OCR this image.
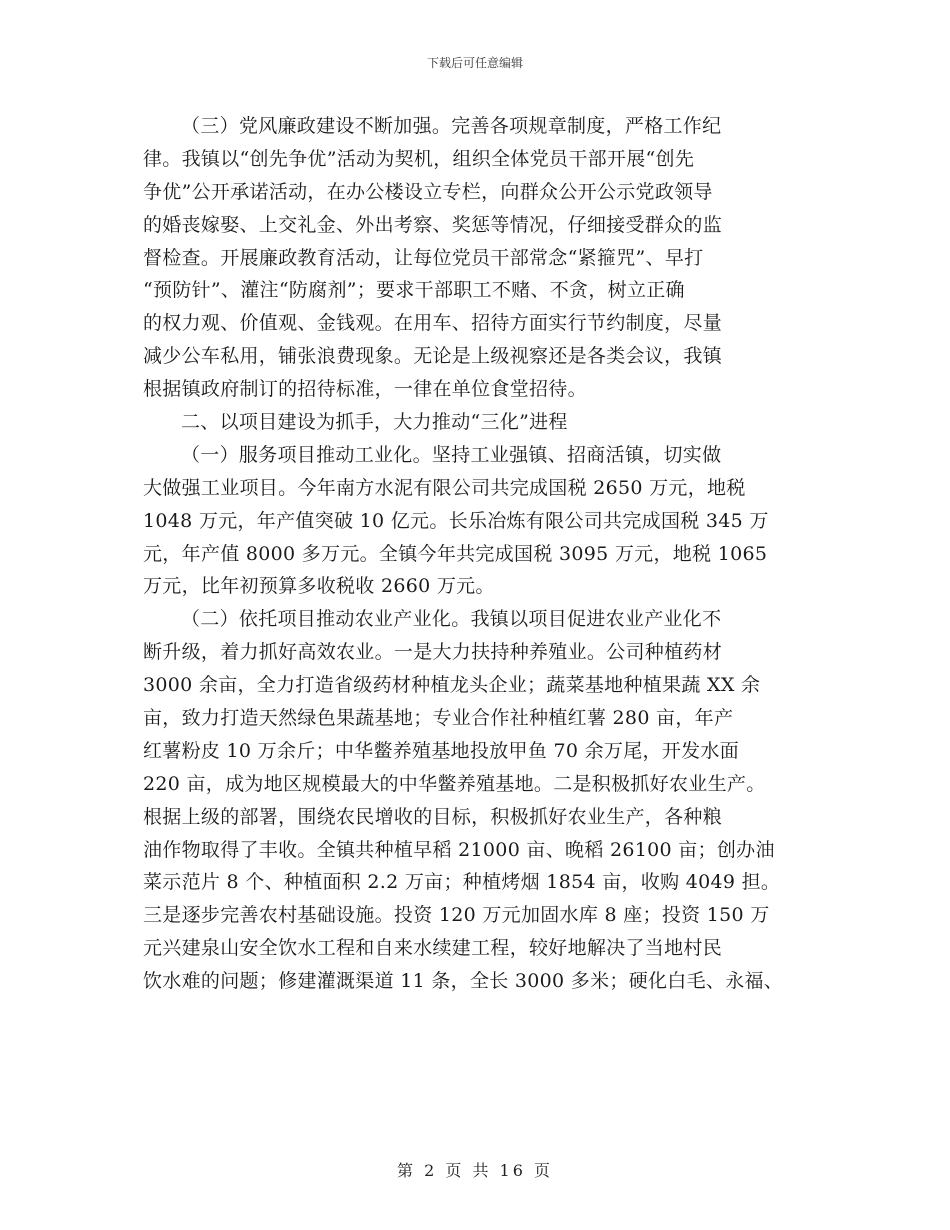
下载后可任意编辑
（三）党风廉政建设不断加强。完善各项规章制度，严格工作纪
律。我镇以“创先争优”活动为契机，组织全体党员干部开展“创先
争优”公开承诺活动，在办公楼设立专栏，向群众公开公示党政领导
的婚丧嫁娶、上交礼金、外出考察、奖惩等情况，仔细接受群众的监
督检查。开展廉政教育活动，让每位党员干部常念“紧箍咒”、早打
“预防针”、灌注“防腐剂”；要求干部职工不赌、不贪，树立正确
的权力观、价值观、金钱观。在用车、招待方面实行节约制度，尽量
减少公车私用，铺张浪费现象。无论是上级视察还是各类会议，我镇
根据镇政府制订的招待标准，一律在单位食堂招待。
二、以项目建设为抓手，大力推动“三化”进程
（一）服务项目推动工业化。坚持工业强镇、招商活镇，切实做
大做强工业项目。今年南方水泥有限公司共完成国税 2650 万元，地税
1048 万元，年产值突破 10 亿元。长乐冶炼有限公司共完成国税 345 万
元，年产值 8000 多万元。全镇今年共完成国税 3095 万元，地税 1065
万元，比年初预算多收税收 2660 万元。
（二）依托项目推动农业产业化。我镇以项目促进农业产业化不
断升级，着力抓好高效农业。一是大力扶持种养殖业。公司种植药材
3000 余亩，全力打造省级药材种植龙头企业；蔬菜基地种植果蔬 XX 余
亩，致力打造天然绿色果蔬基地；专业合作社种植红薯 280 亩，年产
红薯粉皮 10 万余斤；中华鳖养殖基地投放甲鱼 70 余万尾，开发水面
220 亩，成为地区规模最大的中华鳖养殖基地。二是积极抓好农业生产。
根据上级的部署，围绕农民增收的目标，积极抓好农业生产，各种粮
油作物取得了丰收。全镇共种植早稻 21000 亩、晚稻 26100 亩；创办油
菜示范片 8 个、种植面积 2.2 万亩；种植烤烟 1854 亩，收购 4049 担。
三是逐步完善农村基础设施。投资 120 万元加固水库 8 座；投资 150 万
元兴建泉山安全饮水工程和自来水续建工程，较好地解决了当地村民
饮水难的问题；修建灌溉渠道 11 条，全长 3000 多米；硬化白毛、永福、
第 2 页 共 16 页
